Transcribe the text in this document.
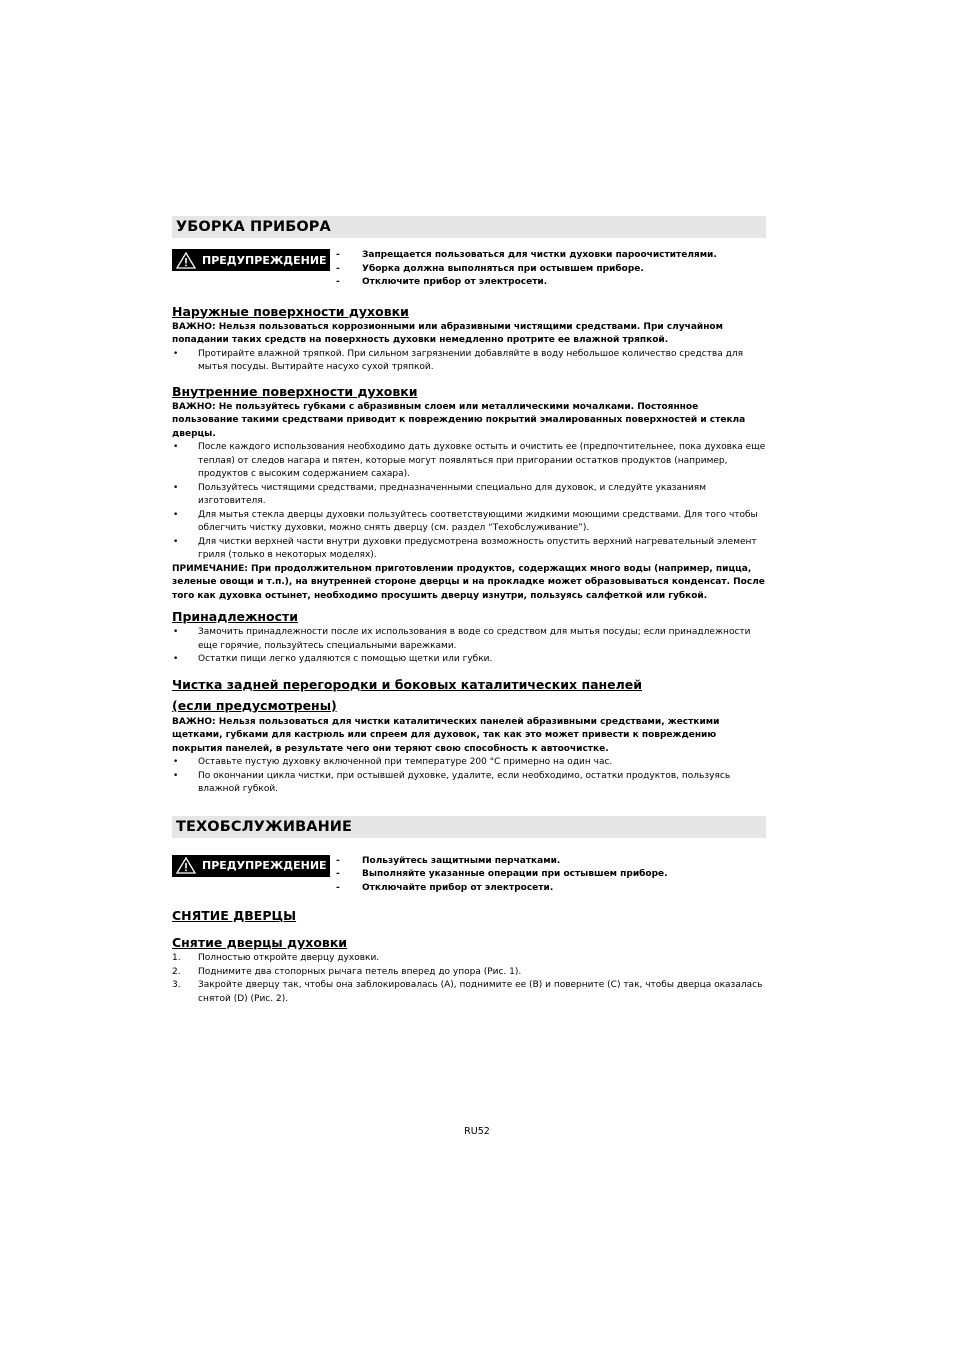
УБОРКА ПРИБОРА
ПРЕДУПРЕЖДЕНИЕ -	Запрещается пользоваться для чистки духовки пароочистителями.
-	Уборка должна выполняться при остывшем приборе.
-	Отключите прибор от электросети.
Наружные поверхности духовки

ВАЖНО: Нельзя пользоваться коррозионными или абразивными чистящими средствами. При случайном попадании таких средств на поверхность духовки немедленно протрите ее влажной тряпкой.

•	Протирайте влажной тряпкой. При сильном загрязнении добавляйте в воду небольшое количество средства для мытья посуды. Вытирайте насухо сухой тряпкой.
Внутренние поверхности духовки

ВАЖНО: Не пользуйтесь губками с абразивным слоем или металлическими мочалками. Постоянное пользование такими средствами приводит к повреждению покрытий эмалированных поверхностей и стекла дверцы.

•	После каждого использования необходимо дать духовке остыть и очистить ее (предпочтительнее, пока духовка еще теплая) от следов нагара и пятен, которые могут появляться при пригорании остатков продуктов (например, продуктов с высоким содержанием сахара).
•	Пользуйтесь чистящими средствами, предназначенными специально для духовок, и следуйте указаниям изготовителя.
•	Для мытья стекла дверцы духовки пользуйтесь соответствующими жидкими моющими средствами. Для того чтобы облегчить чистку духовки, можно снять дверцу (см. раздел “Техобслуживание”).
•	Для чистки верхней части внутри духовки предусмотрена возможность опустить верхний нагревательный элемент гриля (только в некоторых моделях).

ПРИМЕЧАНИЕ: При продолжительном приготовлении продуктов, содержащих много воды (например, пицца, зеленые овощи и т.п.), на внутренней стороне дверцы и на прокладке может образовываться конденсат. После того как духовка остынет, необходимо просушить дверцу изнутри, пользуясь салфеткой или губкой.

Принадлежности
•	Замочить принадлежности после их использования в воде со средством для мытья посуды; если принадлежности еще горячие, пользуйтесь специальными варежками.
•	Остатки пищи легко удаляются с помощью щетки или губки.
Чистка задней перегородки и боковых каталитических панелей
(если предусмотрены)

ВАЖНО: Нельзя пользоваться для чистки каталитических панелей абразивными средствами, жесткими щетками, губками для кастрюль или спреем для духовок, так как это может привести к повреждению покрытия панелей, в результате чего они теряют свою способность к автоочистке.

•	Оставьте пустую духовку включенной при температуре 200 °C примерно на один час.
•	По окончании цикла чистки, при остывшей духовке, удалите, если необходимо, остатки продуктов, пользуясь влажной губкой.
ТЕХОБСЛУЖИВАНИЕ
ПРЕДУПРЕЖДЕНИЕ -	Пользуйтесь защитными перчатками.
-	Выполняйте указанные операции при остывшем приборе.
-	Отключайте прибор от электросети.
СНЯТИЕ ДВЕРЦЫ
Снятие дверцы духовки
1.	Полностью откройте дверцу духовки.
2.	Поднимите два стопорных рычага петель вперед до упора (Рис. 1).
3.	Закройте дверцу так, чтобы она заблокировалась (A), поднимите ее (B) и поверните (C) так, чтобы дверца оказалась снятой (D) (Рис. 2).
RU52
